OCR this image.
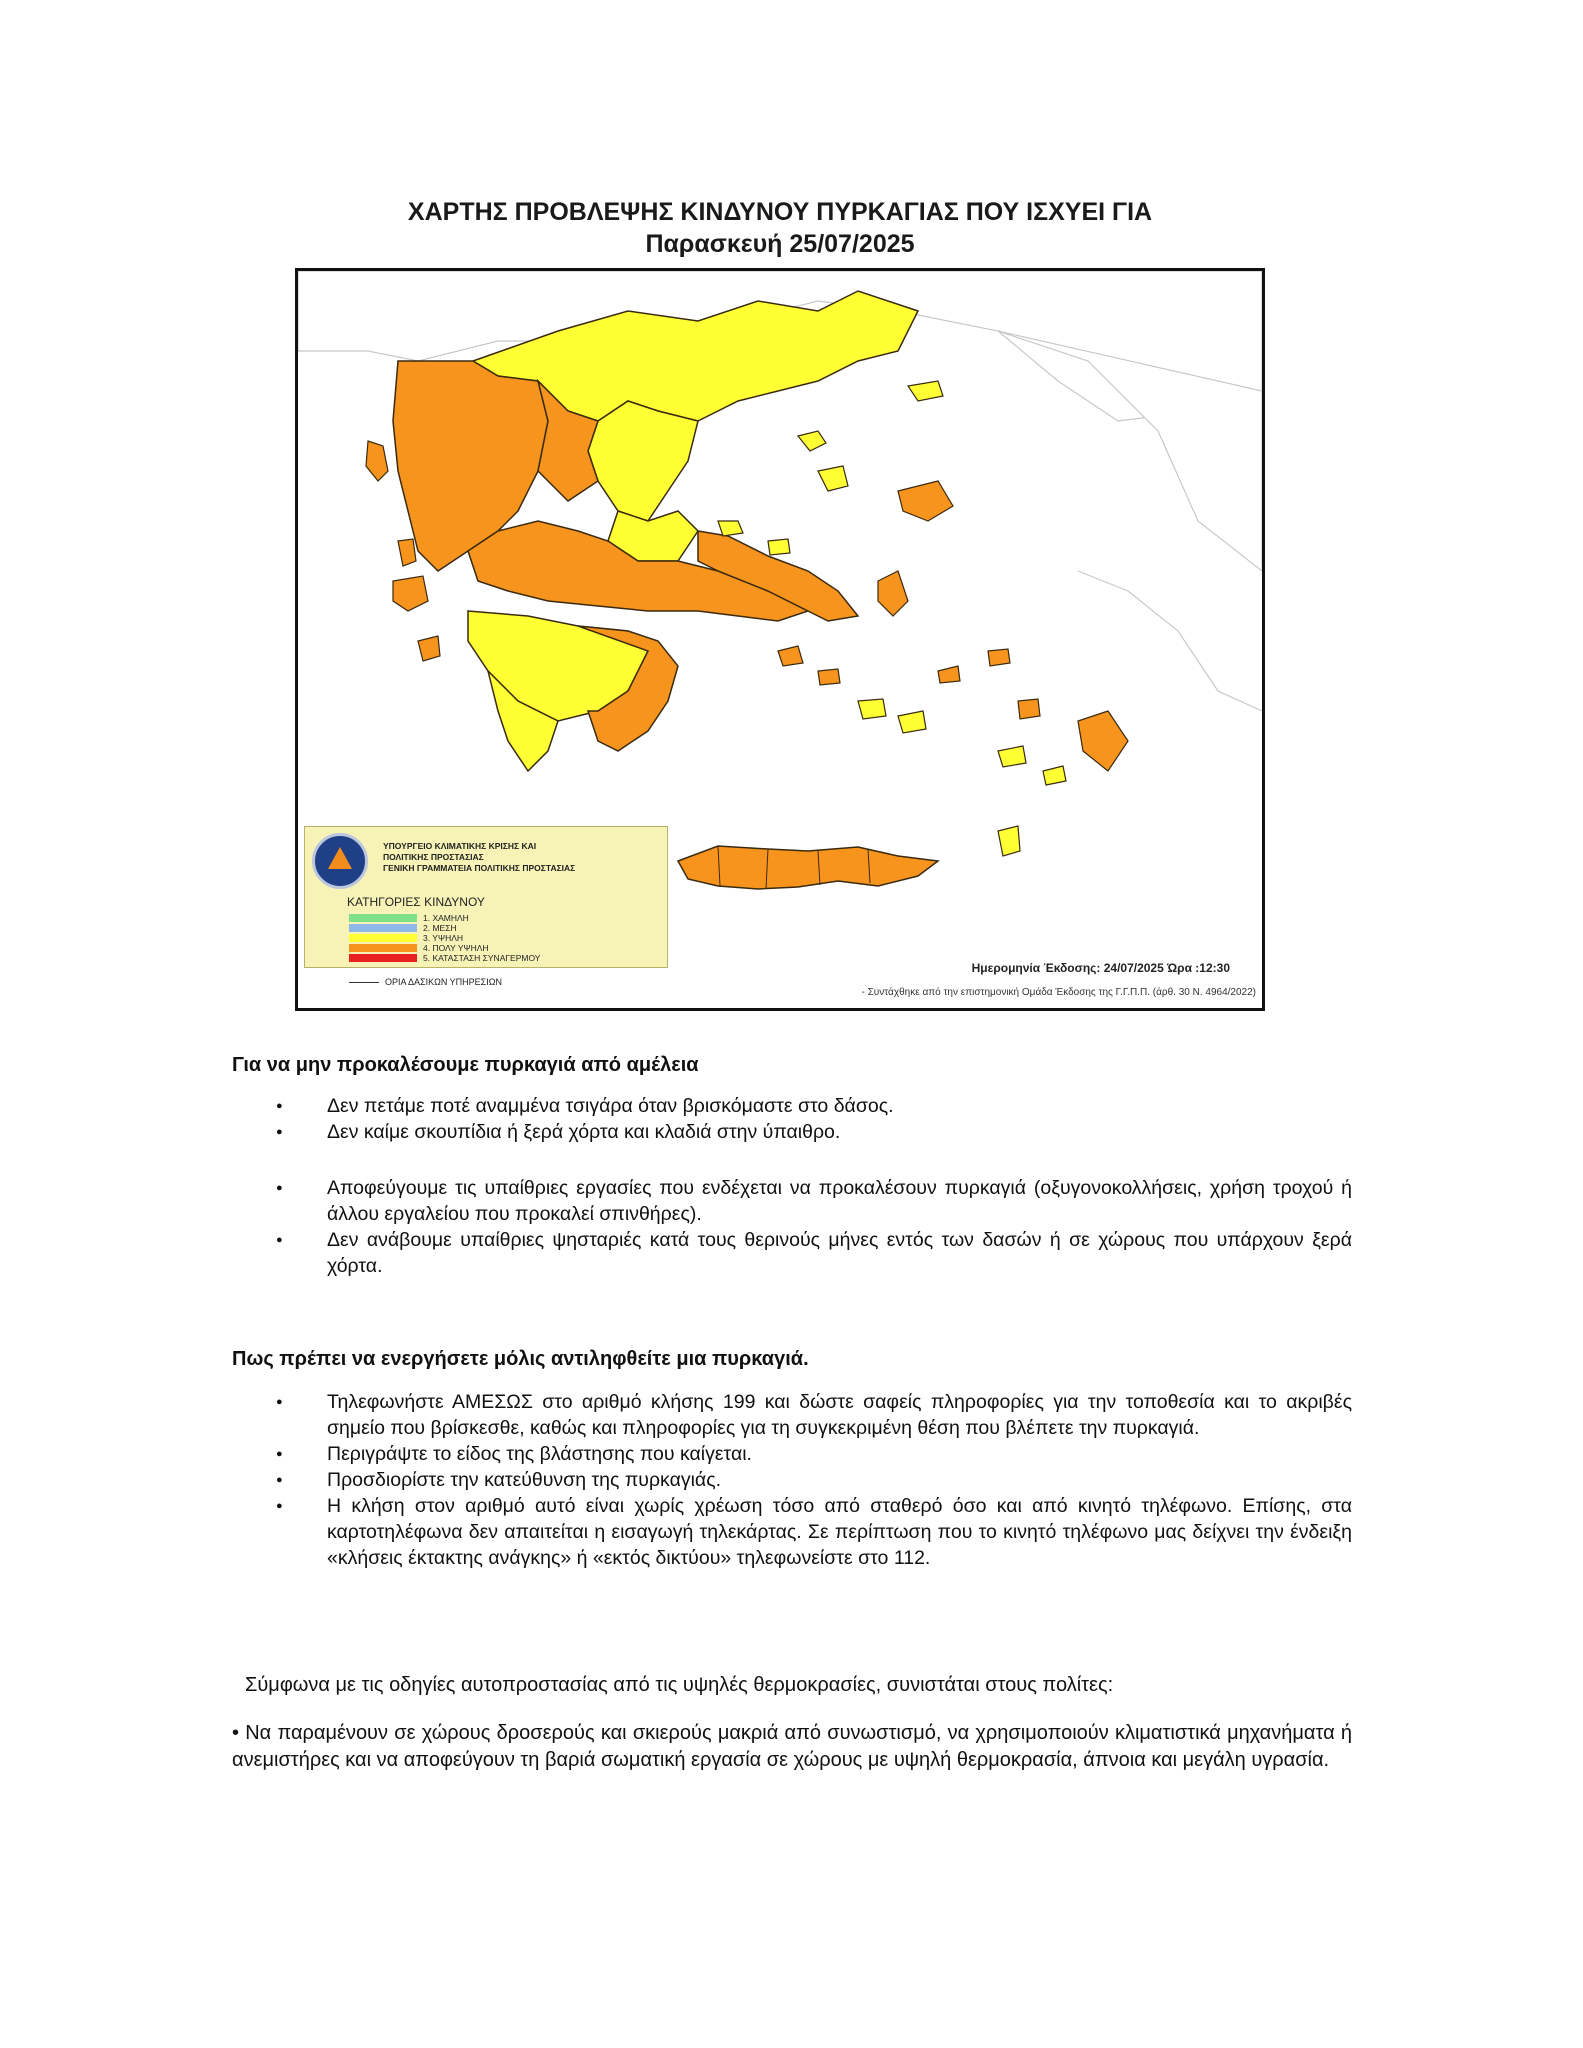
ΧΑΡΤΗΣ ΠΡΟΒΛΕΨΗΣ ΚΙΝΔΥΝΟΥ ΠΥΡΚΑΓΙΑΣ ΠΟΥ ΙΣΧΥΕΙ ΓΙΑ
Παρασκευή 25/07/2025
ΥΠΟΥΡΓΕΙΟ ΚΛΙΜΑΤΙΚΗΣ ΚΡΙΣΗΣ ΚΑΙ
ΠΟΛΙΤΙΚΗΣ ΠΡΟΣΤΑΣΙΑΣ
ΓΕΝΙΚΗ ΓΡΑΜΜΑΤΕΙΑ ΠΟΛΙΤΙΚΗΣ ΠΡΟΣΤΑΣΙΑΣ
ΚΑΤΗΓΟΡΙΕΣ ΚΙΝΔΥΝΟΥ
1. ΧΑΜΗΛΗ
2. ΜΕΣΗ
3. ΥΨΗΛΗ
4. ΠΟΛΥ ΥΨΗΛΗ
5. ΚΑΤΑΣΤΑΣΗ ΣΥΝΑΓΕΡΜΟΥ
ΟΡΙΑ ΔΑΣΙΚΩΝ ΥΠΗΡΕΣΙΩΝ
Ημερομηνία Έκδοσης: 24/07/2025 Ώρα :12:30
- Συντάχθηκε από την επιστημονική Ομάδα Έκδοσης της Γ.Γ.Π.Π. (άρθ. 30 Ν. 4964/2022)

Για να μην προκαλέσουμε πυρκαγιά από αμέλεια

● Δεν πετάμε ποτέ αναμμένα τσιγάρα όταν βρισκόμαστε στο δάσος.
● Δεν καίμε σκουπίδια ή ξερά χόρτα και κλαδιά στην ύπαιθρο.
● Αποφεύγουμε τις υπαίθριες εργασίες που ενδέχεται να προκαλέσουν πυρκαγιά (οξυγονοκολλήσεις, χρήση τροχού ή άλλου εργαλείου που προκαλεί σπινθήρες).
● Δεν ανάβουμε υπαίθριες ψησταριές κατά τους θερινούς μήνες εντός των δασών ή σε χώρους που υπάρχουν ξερά χόρτα.

Πως πρέπει να ενεργήσετε μόλις αντιληφθείτε μια πυρκαγιά.

● Τηλεφωνήστε ΑΜΕΣΩΣ στο αριθμό κλήσης 199 και δώστε σαφείς πληροφορίες για την τοποθεσία και το ακριβές σημείο που βρίσκεσθε, καθώς και πληροφορίες για τη συγκεκριμένη θέση που βλέπετε την πυρκαγιά.
● Περιγράψτε το είδος της βλάστησης που καίγεται.
● Προσδιορίστε την κατεύθυνση της πυρκαγιάς.
● Η κλήση στον αριθμό αυτό είναι χωρίς χρέωση τόσο από σταθερό όσο και από κινητό τηλέφωνο. Επίσης, στα καρτοτηλέφωνα δεν απαιτείται η εισαγωγή τηλεκάρτας. Σε περίπτωση που το κινητό τηλέφωνο μας δείχνει την ένδειξη «κλήσεις έκτακτης ανάγκης» ή «εκτός δικτύου» τηλεφωνείστε στο 112.
Σύμφωνα με τις οδηγίες αυτοπροστασίας από τις υψηλές θερμοκρασίες, συνιστάται στους πολίτες:
• Να παραμένουν σε χώρους δροσερούς και σκιερούς μακριά από συνωστισμό, να χρησιμοποιούν κλιματιστικά μηχανήματα ή ανεμιστήρες και να αποφεύγουν τη βαριά σωματική εργασία σε χώρους με υψηλή θερμοκρασία, άπνοια και μεγάλη υγρασία.
